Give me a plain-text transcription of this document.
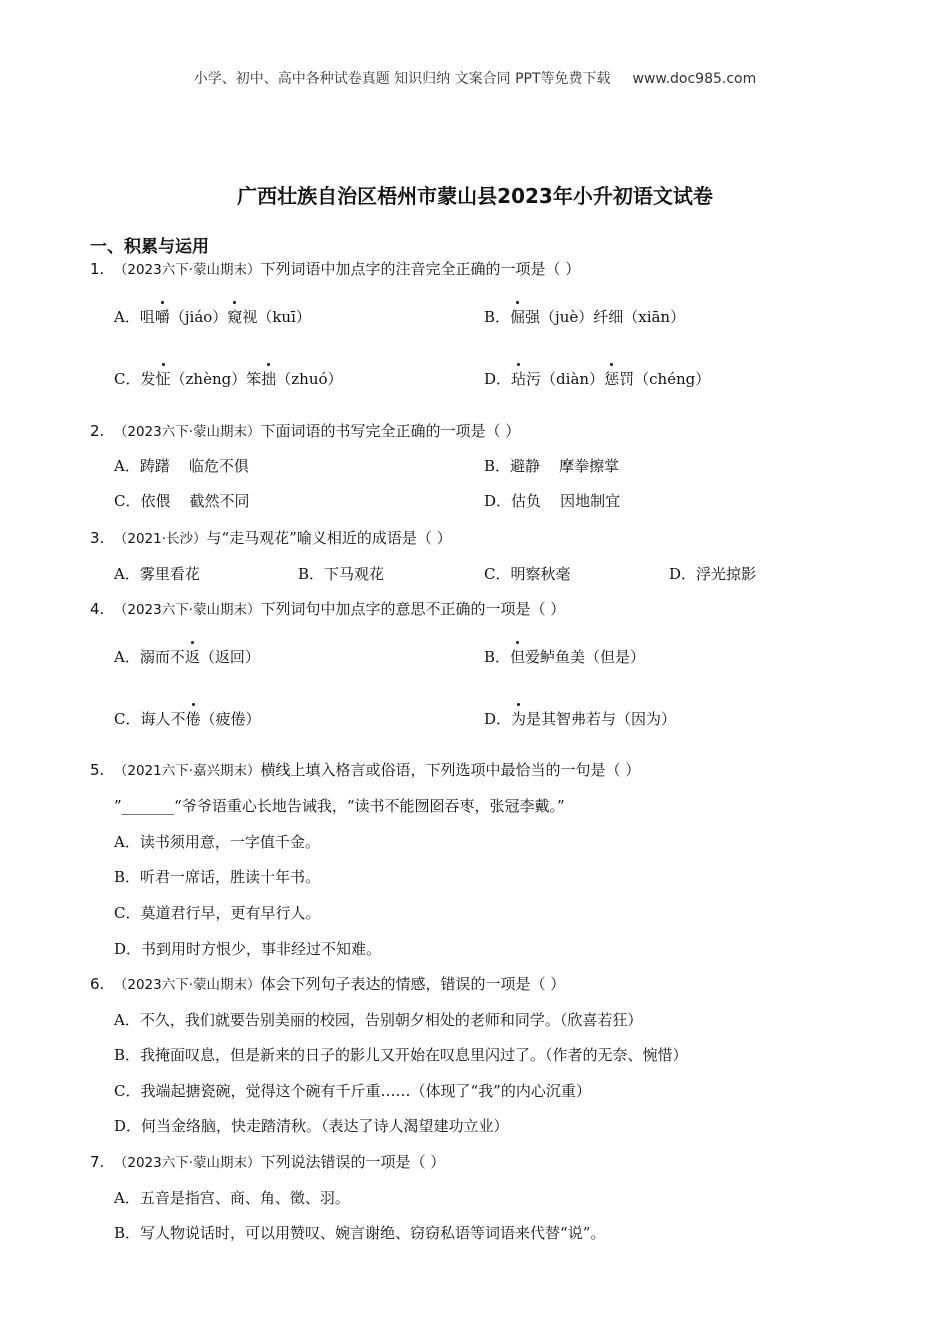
小学、初中、高中各种试卷真题 知识归纳 文案合同 PPT等免费下载 www.doc985.com
广西壮族自治区梧州市蒙山县2023年小升初语文试卷
一、积累与运用
1. （2023六下·蒙山期末）下列词语中加点字的注音完全正确的一项是（ ）
A．咀嚼（jiáo）窥视（kuī）	B．倔强（juè）纤细（xiān）
C．发怔（zhèng）笨拙（zhuó）	D．玷污（diàn）惩罚（chéng）
2. （2023六下·蒙山期末）下面词语的书写完全正确的一项是（ ）
A．踌躇    临危不俱	B．避静    摩拳擦掌
C．依偎    截然不同	D．估负    因地制宜
3. （2021·长沙）与“走马观花”喻义相近的成语是（ ）
A．雾里看花	B．下马观花	C．明察秋毫	D．浮光掠影
4. （2023六下·蒙山期末）下列词句中加点字的意思不正确的一项是（ ）
A．溺而不返（返回）	B．但爱鲈鱼美（但是）
C．诲人不倦（疲倦）	D．为是其智弗若与（因为）
5. （2021六下·嘉兴期末）横线上填入格言或俗语，下列选项中最恰当的一句是（ ）
”_______“爷爷语重心长地告诫我，“读书不能囫囵吞枣，张冠李戴。”
A．读书须用意，一字值千金。
B．听君一席话，胜读十年书。
C．莫道君行早，更有早行人。
D．书到用时方恨少，事非经过不知难。
6. （2023六下·蒙山期末）体会下列句子表达的情感，错误的一项是（ ）
A．不久，我们就要告别美丽的校园，告别朝夕相处的老师和同学。（欣喜若狂）
B．我掩面叹息，但是新来的日子的影儿又开始在叹息里闪过了。（作者的无奈、惋惜）
C．我端起搪瓷碗，觉得这个碗有千斤重……（体现了“我”的内心沉重）
D．何当金络脑，快走踏清秋。（表达了诗人渴望建功立业）
7. （2023六下·蒙山期末）下列说法错误的一项是（ ）
A．五音是指宫、商、角、徵、羽。
B．写人物说话时，可以用赞叹、婉言谢绝、窃窃私语等词语来代替“说”。
